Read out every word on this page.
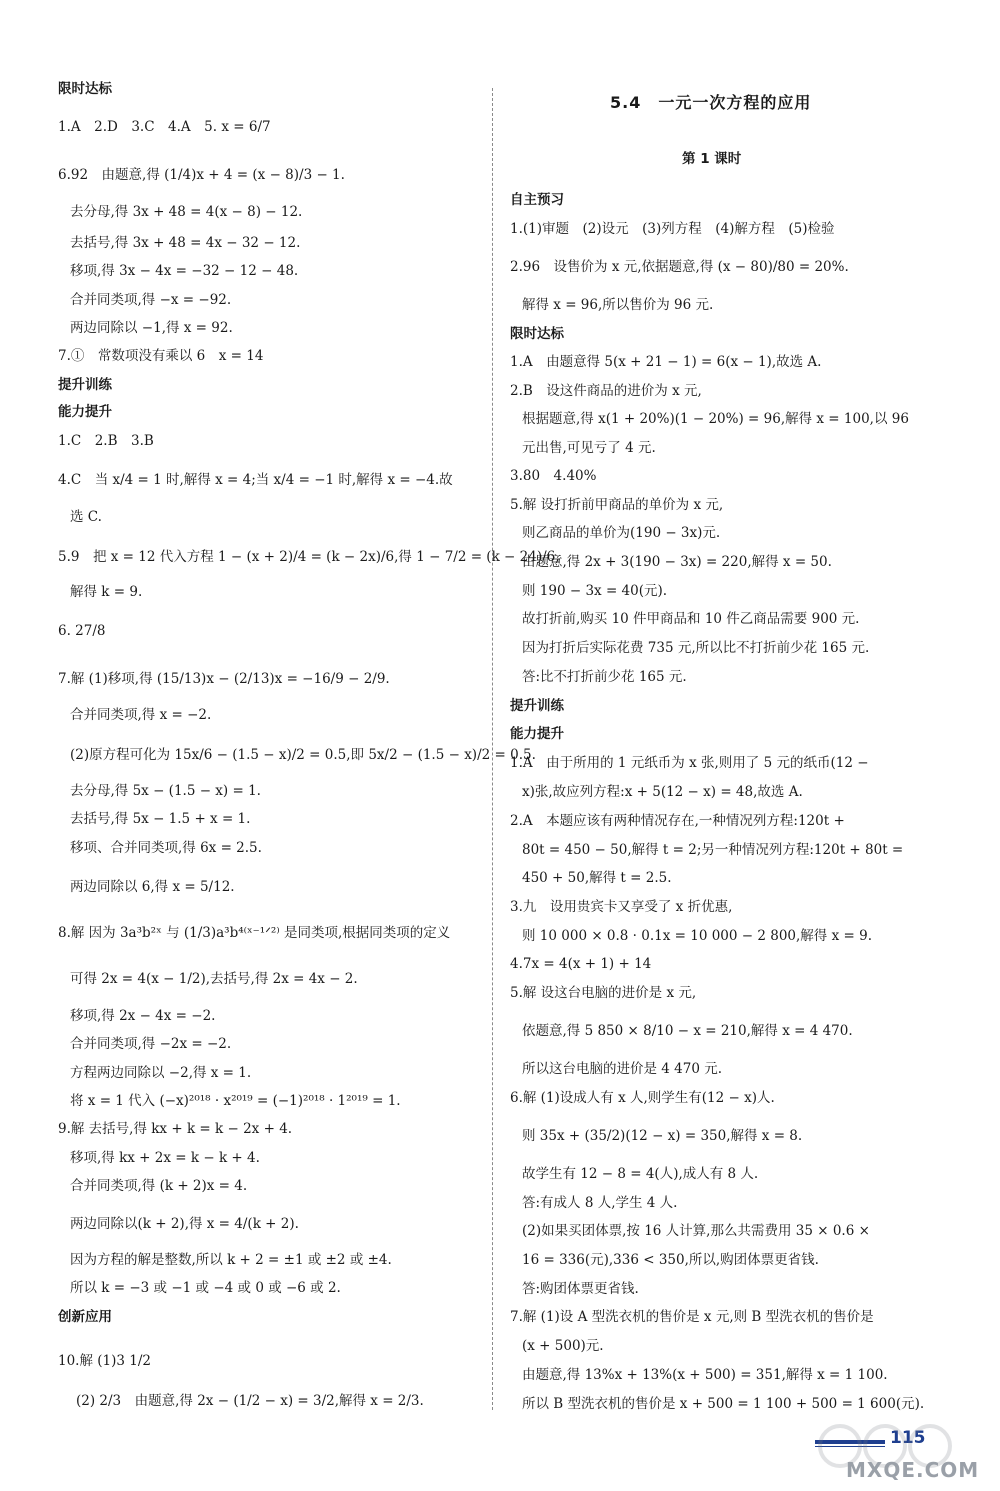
限时达标
1.A　2.D　3.C　4.A　5. x = 6/7
6.92　由题意,得 (1/4)x + 4 = (x − 8)/3 − 1.
去分母,得 3x + 48 = 4(x − 8) − 12.
去括号,得 3x + 48 = 4x − 32 − 12.
移项,得 3x − 4x = −32 − 12 − 48.
合并同类项,得 −x = −92.
两边同除以 −1,得 x = 92.
7.①　常数项没有乘以 6　x = 14
提升训练
能力提升
1.C　2.B　3.B
4.C　当 x/4 = 1 时,解得 x = 4;当 x/4 = −1 时,解得 x = −4.故
选 C.
5.9　把 x = 12 代入方程 1 − (x + 2)/4 = (k − 2x)/6,得 1 − 7/2 = (k − 24)/6,
解得 k = 9.
6. 27/8
7.解 (1)移项,得 (15/13)x − (2/13)x = −16/9 − 2/9.
合并同类项,得 x = −2.
(2)原方程可化为 15x/6 − (1.5 − x)/2 = 0.5,即 5x/2 − (1.5 − x)/2 = 0.5.
去分母,得 5x − (1.5 − x) = 1.
去括号,得 5x − 1.5 + x = 1.
移项、合并同类项,得 6x = 2.5.
两边同除以 6,得 x = 5/12.
8.解 因为 3a³b²ˣ 与 (1/3)a³b⁴⁽ˣ⁻¹ᐟ²⁾ 是同类项,根据同类项的定义
可得 2x = 4(x − 1/2),去括号,得 2x = 4x − 2.
移项,得 2x − 4x = −2.
合并同类项,得 −2x = −2.
方程两边同除以 −2,得 x = 1.
将 x = 1 代入 (−x)²⁰¹⁸ · x²⁰¹⁹ = (−1)²⁰¹⁸ · 1²⁰¹⁹ = 1.
9.解 去括号,得 kx + k = k − 2x + 4.
移项,得 kx + 2x = k − k + 4.
合并同类项,得 (k + 2)x = 4.
两边同除以(k + 2),得 x = 4/(k + 2).
因为方程的解是整数,所以 k + 2 = ±1 或 ±2 或 ±4.
所以 k = −3 或 −1 或 −4 或 0 或 −6 或 2.
创新应用
10.解 (1)3 1/2
(2) 2/3　由题意,得 2x − (1/2 − x) = 3/2,解得 x = 2/3.
5.4　一元一次方程的应用
第 1 课时
自主预习
1.(1)审题　(2)设元　(3)列方程　(4)解方程　(5)检验
2.96　设售价为 x 元,依据题意,得 (x − 80)/80 = 20%.
解得 x = 96,所以售价为 96 元.
限时达标
1.A　由题意得 5(x + 21 − 1) = 6(x − 1),故选 A.
2.B　设这件商品的进价为 x 元,
根据题意,得 x(1 + 20%)(1 − 20%) = 96,解得 x = 100,以 96
元出售,可见亏了 4 元.
3.80　4.40%
5.解 设打折前甲商品的单价为 x 元,
则乙商品的单价为(190 − 3x)元.
由题意,得 2x + 3(190 − 3x) = 220,解得 x = 50.
则 190 − 3x = 40(元).
故打折前,购买 10 件甲商品和 10 件乙商品需要 900 元.
因为打折后实际花费 735 元,所以比不打折前少花 165 元.
答:比不打折前少花 165 元.
提升训练
能力提升
1.A　由于所用的 1 元纸币为 x 张,则用了 5 元的纸币(12 −
x)张,故应列方程:x + 5(12 − x) = 48,故选 A.
2.A　本题应该有两种情况存在,一种情况列方程:120t +
80t = 450 − 50,解得 t = 2;另一种情况列方程:120t + 80t =
450 + 50,解得 t = 2.5.
3.九　设用贵宾卡又享受了 x 折优惠,
则 10 000 × 0.8 · 0.1x = 10 000 − 2 800,解得 x = 9.
4.7x = 4(x + 1) + 14
5.解 设这台电脑的进价是 x 元,
依题意,得 5 850 × 8/10 − x = 210,解得 x = 4 470.
所以这台电脑的进价是 4 470 元.
6.解 (1)设成人有 x 人,则学生有(12 − x)人.
则 35x + (35/2)(12 − x) = 350,解得 x = 8.
故学生有 12 − 8 = 4(人),成人有 8 人.
答:有成人 8 人,学生 4 人.
(2)如果买团体票,按 16 人计算,那么共需费用 35 × 0.6 ×
16 = 336(元),336 < 350,所以,购团体票更省钱.
答:购团体票更省钱.
7.解 (1)设 A 型洗衣机的售价是 x 元,则 B 型洗衣机的售价是
(x + 500)元.
由题意,得 13%x + 13%(x + 500) = 351,解得 x = 1 100.
所以 B 型洗衣机的售价是 x + 500 = 1 100 + 500 = 1 600(元).
115
MXQE.COM
